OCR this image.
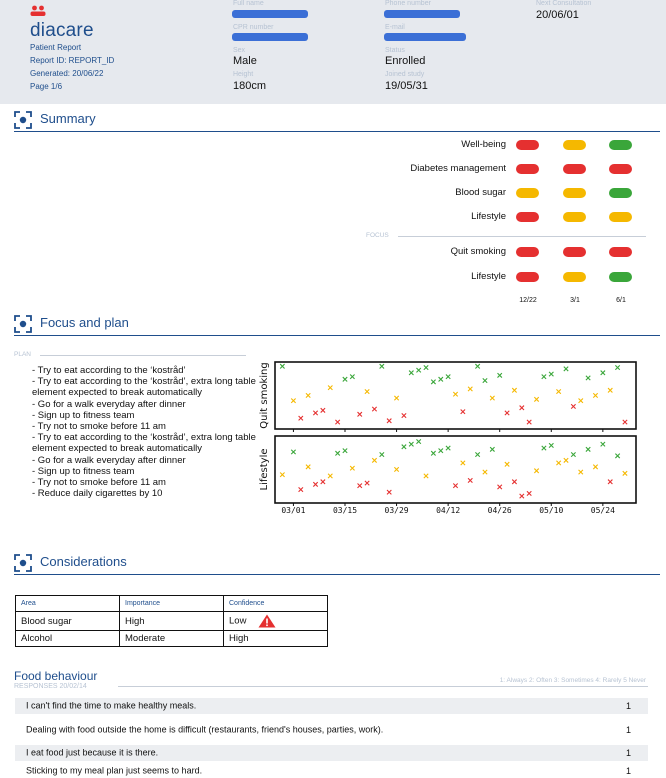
diacare
Patient Report
Report ID: REPORT_ID
Generated: 20/06/22
Page 1/6
Full name
CPR number
Sex
Male
Height
180cm
Phone number
E-mail
Status
Enrolled
Joined study
19/05/31
Next Consultation
20/06/01
Summary
Well-being
Diabetes management
Blood sugar
Lifestyle
FOCUS
Quit smoking
Lifestyle
12/22	3/1	6/1
Focus and plan
PLAN
- Try to eat according to the ‘kostråd’
- Try to eat according to the ‘kostråd’, extra long table element expected to break automatically
- Go for a walk everyday after dinner
- Sign up to fitness team
- Try not to smoke before 11 am
- Try to eat according to the ‘kostråd’, extra long table element expected to break automatically
- Go for a walk everyday after dinner
- Sign up to fitness team
- Try not to smoke before 11 am
- Reduce daily cigarettes by 10
Quit smoking
Lifestyle
03/01	03/15	03/29	04/12	04/26	05/10	05/24
Considerations
Area	Importance	Confidence
Blood sugar	High	Low
Alcohol	Moderate	High
Food behaviour
RESPONSES 20/02/14
1: Always 2: Often 3: Sometimes 4: Rarely 5 Never
I can't find the time to make healthy meals.	1
Dealing with food outside the home is difficult (restaurants, friend's houses, parties, work).	1
I eat food just because it is there.	1
Sticking to my meal plan just seems to hard.	1
